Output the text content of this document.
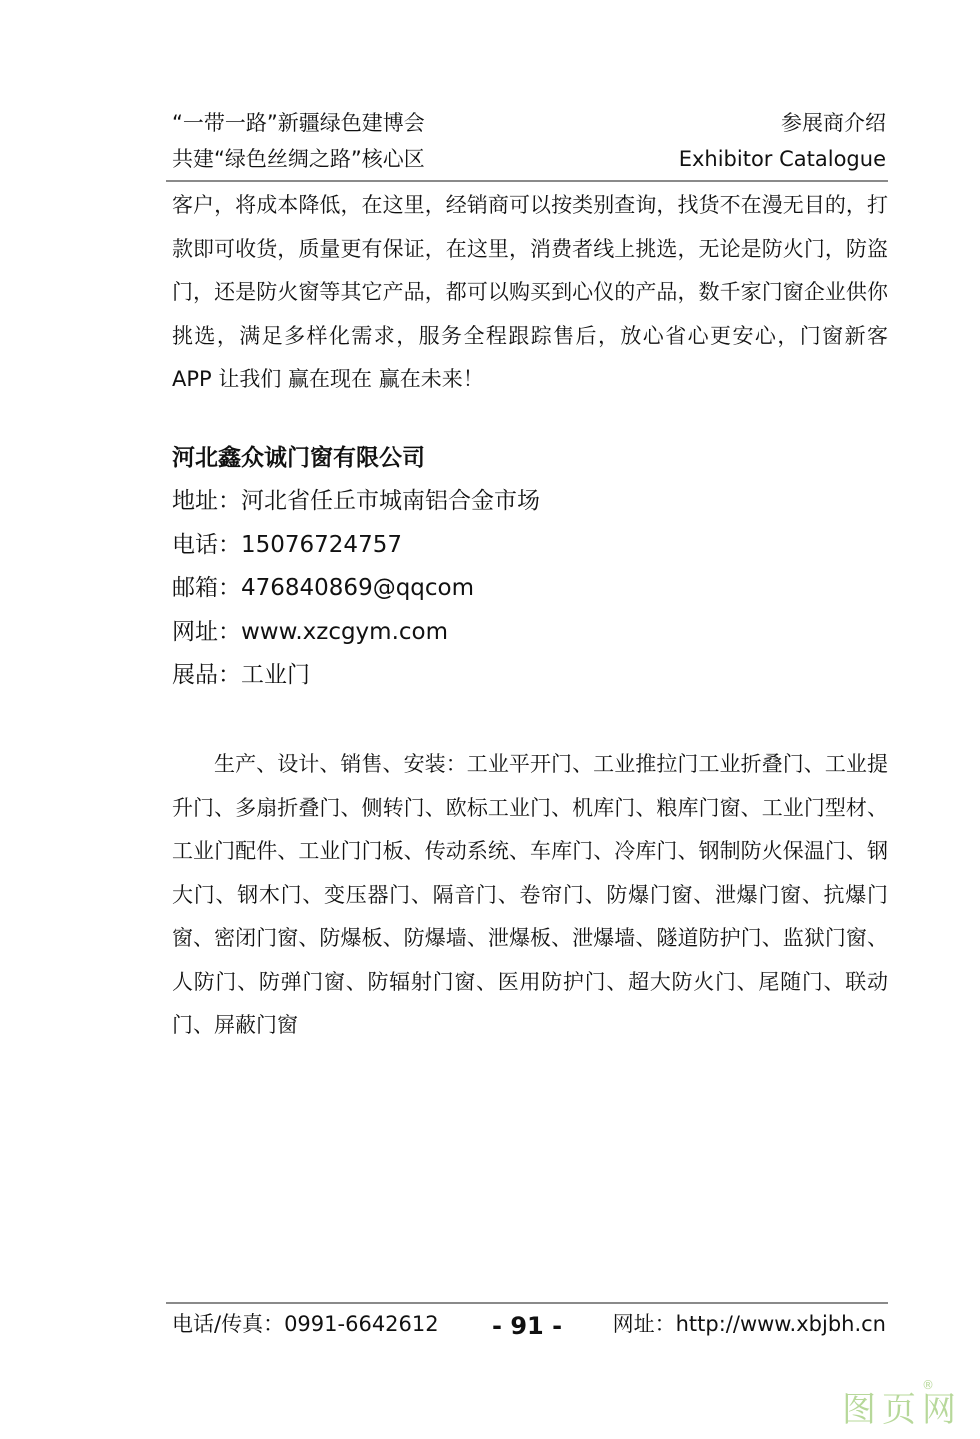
“一带一路”新疆绿色建博会	参展商介绍
共建“绿色丝绸之路”核心区	Exhibitor Catalogue
客户，将成本降低，在这里，经销商可以按类别查询，找货不在漫无目的，打款即可收货，质量更有保证，在这里，消费者线上挑选，无论是防火门，防盗门，还是防火窗等其它产品，都可以购买到心仪的产品，数千家门窗企业供你挑选，满足多样化需求，服务全程跟踪售后，放心省心更安心，门窗新客 APP 让我们 赢在现在 赢在未来！
河北鑫众诚门窗有限公司
地址：河北省任丘市城南铝合金市场
电话：15076724757
邮箱：476840869@qqcom
网址：www.xzcgym.com
展品：工业门
生产、设计、销售、安装：工业平开门、工业推拉门工业折叠门、工业提升门、多扇折叠门、侧转门、欧标工业门、机库门、粮库门窗、工业门型材、工业门配件、工业门门板、传动系统、车库门、冷库门、钢制防火保温门、钢大门、钢木门、变压器门、隔音门、卷帘门、防爆门窗、泄爆门窗、抗爆门窗、密闭门窗、防爆板、防爆墙、泄爆板、泄爆墙、隧道防护门、监狱门窗、人防门、防弹门窗、防辐射门窗、医用防护门、超大防火门、尾随门、联动门、屏蔽门窗
电话/传真：0991-6642612 - 91 - 网址：http://www.xbjbh.cn
图页网
®
